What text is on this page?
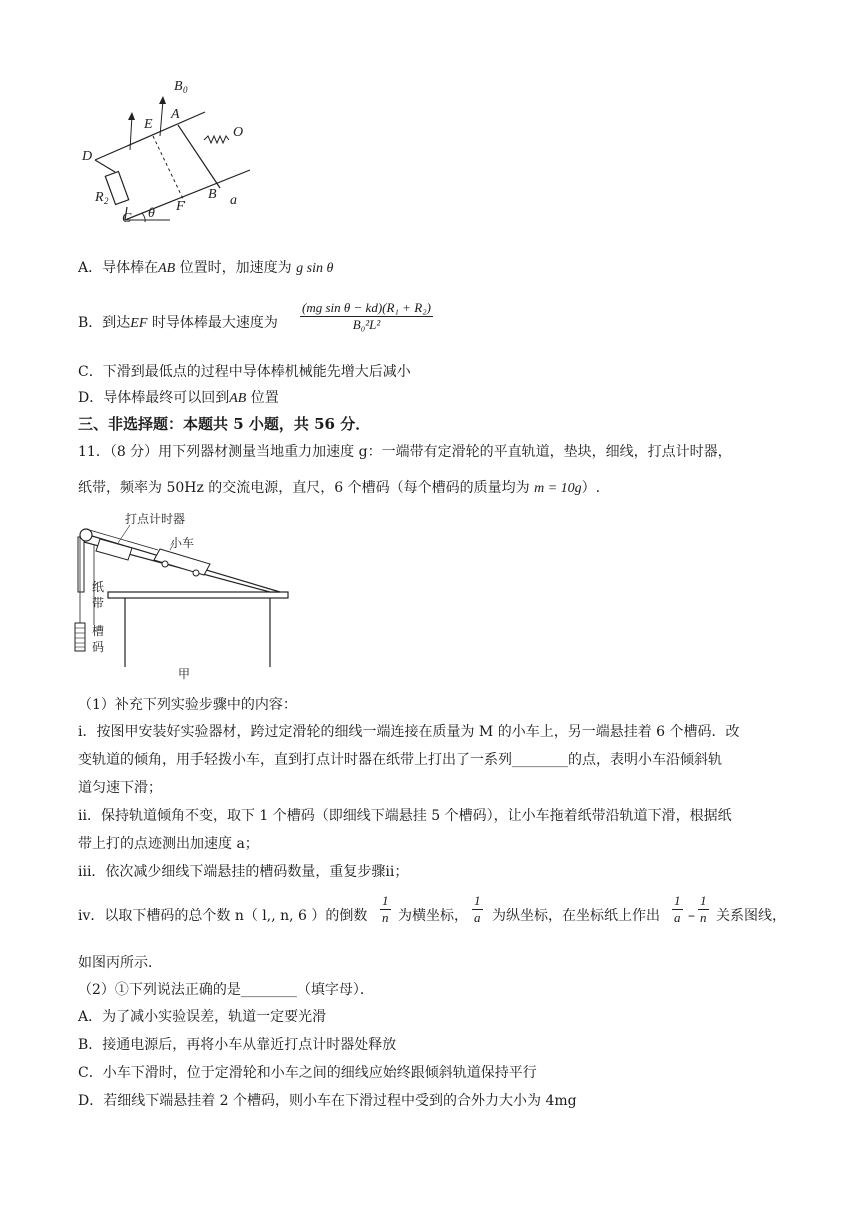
B 0
A
E
O
D
R 2	B a
F
C θ
A．导体棒在AB 位置时，加速度为 g sin θ
B．到达EF 时导体棒最大速度为 $\frac{\text{(mg sin θ − kd)(R₁ + R₂)}}{\text{B₀²L²}}$
C．下滑到最低点的过程中导体棒机械能先增大后减小
D．导体棒最终可以回到AB 位置
三、非选择题：本题共 5 小题，共 56 分．
11．（8 分）用下列器材测量当地重力加速度 g：一端带有定滑轮的平直轨道，垫块，细线，打点计时器，
纸带，频率为 50Hz 的交流电源，直尺，6 个槽码（每个槽码的质量均为 m = 10g）.
打点计时器
小车
纸
带
槽
码
甲
（1）补充下列实验步骤中的内容：
i．按图甲安装好实验器材，跨过定滑轮的细线一端连接在质量为 M 的小车上，另一端悬挂着 6 个槽码．改
变轨道的倾角，用手轻拨小车，直到打点计时器在纸带上打出了一系列________的点，表明小车沿倾斜轨
道匀速下滑；
ii．保持轨道倾角不变，取下 1 个槽码（即细线下端悬挂 5 个槽码），让小车拖着纸带沿轨道下滑，根据纸
带上打的点迹测出加速度 a；
iii．依次减少细线下端悬挂的槽码数量，重复步骤ii；
iv．以取下槽码的总个数 n（ l,, n, 6 ）的倒数 $\frac{1}{n}$ 为横坐标， $\frac{1}{a}$ 为纵坐标，在坐标纸上作出 $\frac{1}{a} - \frac{1}{n}$ 关系图线，
如图丙所示．
（2）①下列说法正确的是________（填字母）．
A．为了减小实验误差，轨道一定要光滑
B．接通电源后，再将小车从靠近打点计时器处释放
C．小车下滑时，位于定滑轮和小车之间的细线应始终跟倾斜轨道保持平行
D．若细线下端悬挂着 2 个槽码，则小车在下滑过程中受到的合外力大小为 4mg
